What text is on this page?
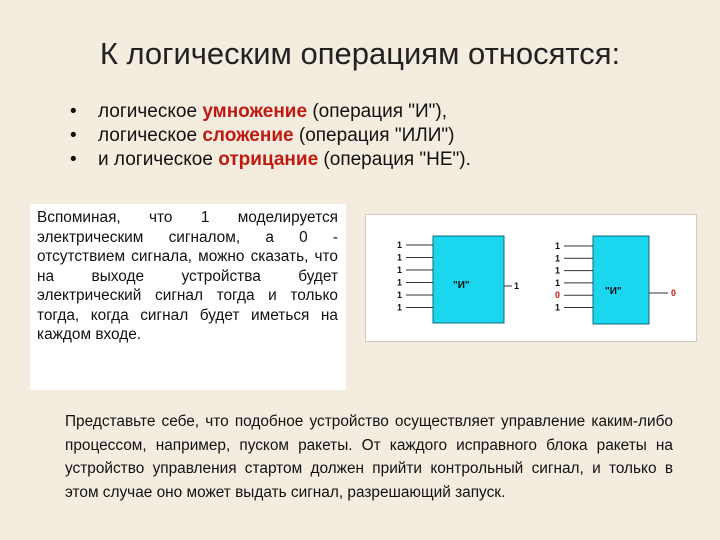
К логическим операциям относятся:
• логическое умножение (операция "И"),
• логическое сложение (операция "ИЛИ")
• и логическое отрицание (операция "НЕ").
Вспоминая, что 1 моделируется электрическим сигналом, а 0 - отсутствием сигнала, можно сказать, что на выходе устройства будет электрический сигнал тогда и только тогда, когда сигнал будет иметься на каждом входе.
"И"
1
1
1
1
1
1
1	"И"
1
1
1
1
0
1
0
Представьте себе, что подобное устройство осуществляет управление каким-либо процессом, например, пуском ракеты. От каждого исправного блока ракеты на устройство управления стартом должен прийти контрольный сигнал, и только в этом случае оно может выдать сигнал, разрешающий запуск.
